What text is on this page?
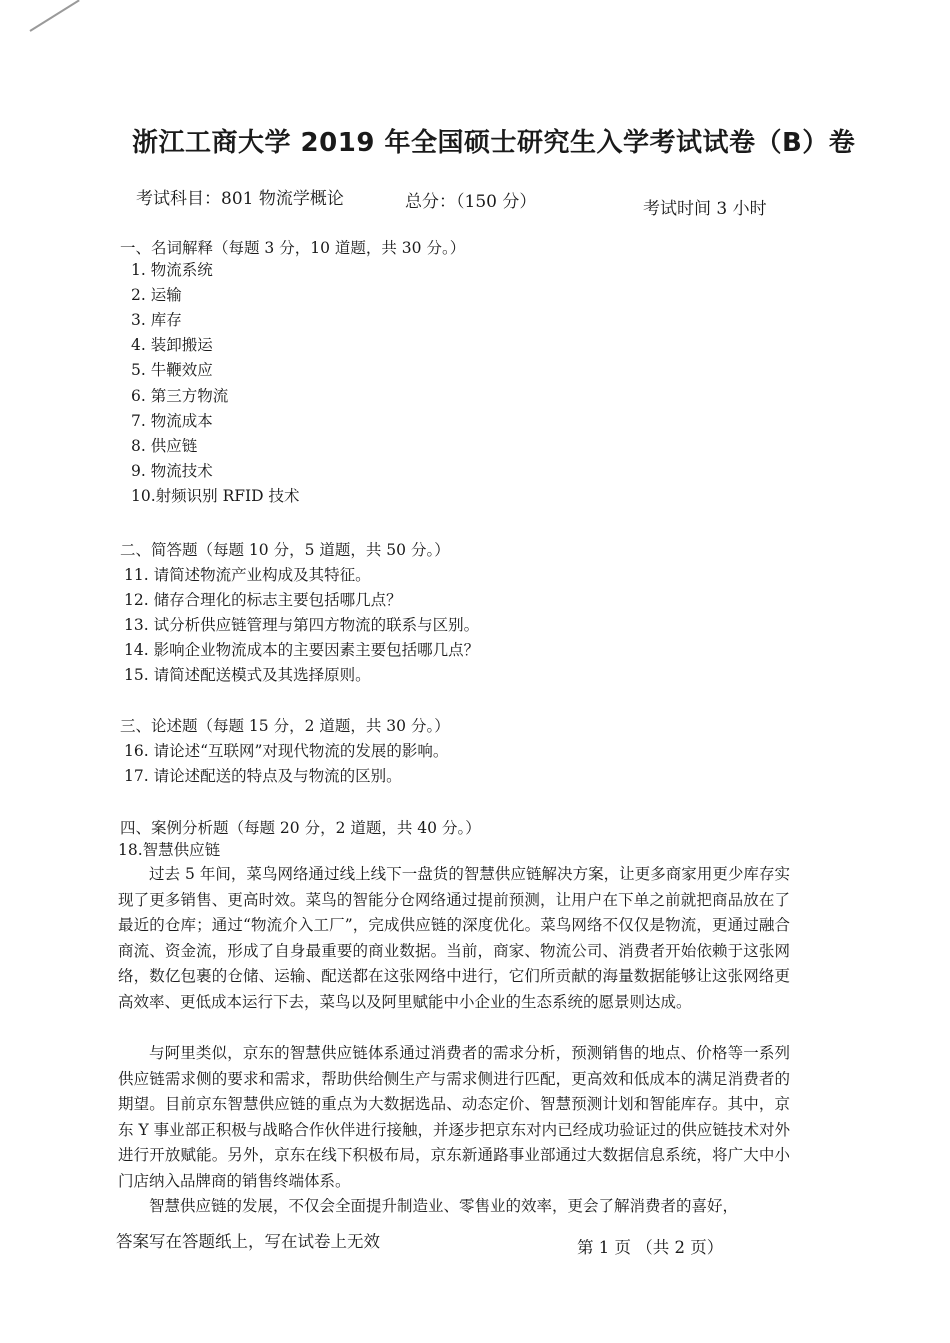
浙江工商大学 2019 年全国硕士研究生入学考试试卷（B）卷
考试科目：801 物流学概论	总分：（150 分）	考试时间 3 小时
一、名词解释（每题 3 分，10 道题，共 30 分。）
1. 物流系统
2. 运输
3. 库存
4. 装卸搬运
5. 牛鞭效应
6. 第三方物流
7. 物流成本
8. 供应链
9. 物流技术
10.射频识别 RFID 技术
二、简答题（每题 10 分，5 道题，共 50 分。）
11. 请简述物流产业构成及其特征。
12. 储存合理化的标志主要包括哪几点？
13. 试分析供应链管理与第四方物流的联系与区别。
14. 影响企业物流成本的主要因素主要包括哪几点？
15. 请简述配送模式及其选择原则。
三、论述题（每题 15 分，2 道题，共 30 分。）
16. 请论述“互联网”对现代物流的发展的影响。
17. 请论述配送的特点及与物流的区别。
四、案例分析题（每题 20 分，2 道题，共 40 分。）
18.智慧供应链

过去 5 年间，菜鸟网络通过线上线下一盘货的智慧供应链解决方案，让更多商家用更少库存实现了更多销售、更高时效。菜鸟的智能分仓网络通过提前预测，让用户在下单之前就把商品放在了最近的仓库；通过“物流介入工厂”，完成供应链的深度优化。菜鸟网络不仅仅是物流，更通过融合商流、资金流，形成了自身最重要的商业数据。当前，商家、物流公司、消费者开始依赖于这张网络，数亿包裹的仓储、运输、配送都在这张网络中进行，它们所贡献的海量数据能够让这张网络更高效率、更低成本运行下去，菜鸟以及阿里赋能中小企业的生态系统的愿景则达成。

与阿里类似，京东的智慧供应链体系通过消费者的需求分析，预测销售的地点、价格等一系列供应链需求侧的要求和需求，帮助供给侧生产与需求侧进行匹配，更高效和低成本的满足消费者的期望。目前京东智慧供应链的重点为大数据选品、动态定价、智慧预测计划和智能库存。其中，京东 Y 事业部正积极与战略合作伙伴进行接触，并逐步把京东对内已经成功验证过的供应链技术对外进行开放赋能。另外，京东在线下积极布局，京东新通路事业部通过大数据信息系统，将广大中小门店纳入品牌商的销售终端体系。

智慧供应链的发展，不仅会全面提升制造业、零售业的效率，更会了解消费者的喜好，

答案写在答题纸上，写在试卷上无效	第 1 页 （共 2 页）
